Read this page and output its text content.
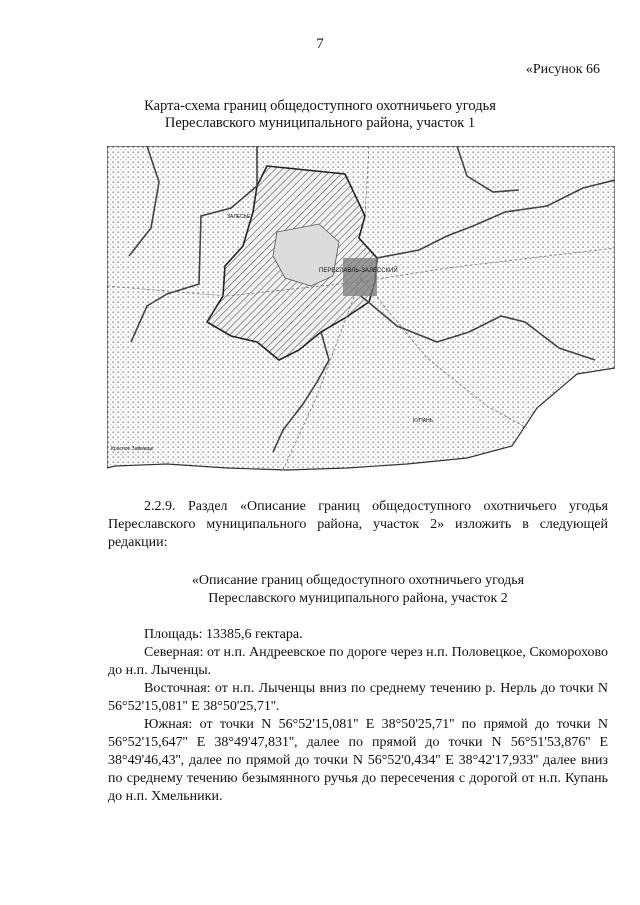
7
«Рисунок 66
Карта-схема границ общедоступного охотничьего угодья
Переславского муниципального района, участок 1
ПЕРЕСЛАВЛЬ-ЗАЛЕССКИЙ
ЗАЛЕСЬЕ
КУПАНЬ
Красное Займище
2.2.9. Раздел «Описание границ общедоступного охотничьего угодья Переславского муниципального района, участок 2» изложить в следующей редакции:
«Описание границ общедоступного охотничьего угодья
Переславского муниципального района, участок 2
Площадь: 13385,6 гектара.
Северная: от н.п. Андреевское по дороге через н.п. Половецкое, Скоморохово до н.п. Лыченцы.
Восточная: от н.п. Лыченцы вниз по среднему течению р. Нерль до точки N 56°52'15,081'' Е 38°50'25,71''.
Южная: от точки N 56°52'15,081'' Е 38°50'25,71'' по прямой до точки N 56°52'15,647'' Е 38°49'47,831'', далее по прямой до точки N 56°51'53,876'' Е 38°49'46,43'', далее по прямой до точки N 56°52'0,434'' Е 38°42'17,933'' далее вниз по среднему течению безымянного ручья до пересечения с дорогой от н.п. Купань до н.п. Хмельники.
